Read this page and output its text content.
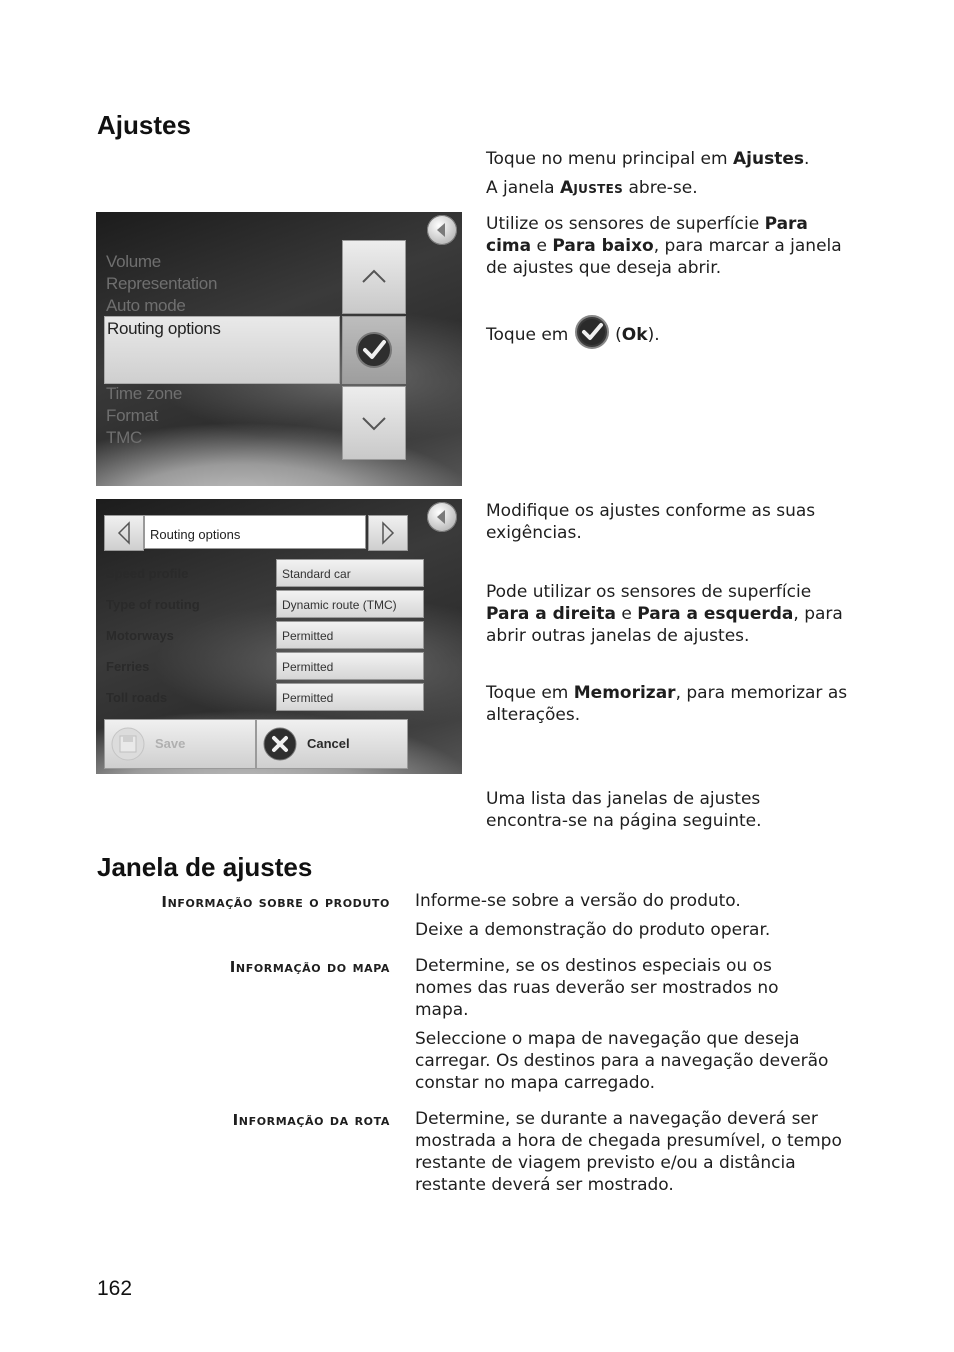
Ajustes
Toque no menu principal em Ajustes.
A janela Ajustes abre-se.
Utilize os sensores de superfície Para cima e Para baixo, para marcar a janela de ajustes que deseja abrir.
Toque em  (Ok).
Modifique os ajustes conforme as suas exigências.
Pode utilizar os sensores de superfície Para a direita e Para a esquerda, para abrir outras janelas de ajustes.
Toque em Memorizar, para memorizar as alterações.
Uma lista das janelas de ajustes encontra-se na página seguinte.
Volume
Representation
Auto mode
Routing options
Time zone
Format
TMC
Routing options
Speed profile	Standard car
Type of routing	Dynamic route (TMC)
Motorways	Permitted
Ferries	Permitted
Toll roads	Permitted
Save	Cancel
Janela de ajustes
Informação sobre o produto Informe-se sobre a versão do produto.
Deixe a demonstração do produto operar.
Informação do mapa Determine, se os destinos especiais ou os nomes das ruas deverão ser mostrados no mapa.
Seleccione o mapa de navegação que deseja carregar. Os destinos para a navegação deverão constar no mapa carregado.
Informação da rota Determine, se durante a navegação deverá ser mostrada a hora de chegada presumível, o tempo restante de viagem previsto e/ou a distância restante deverá ser mostrado.
162
